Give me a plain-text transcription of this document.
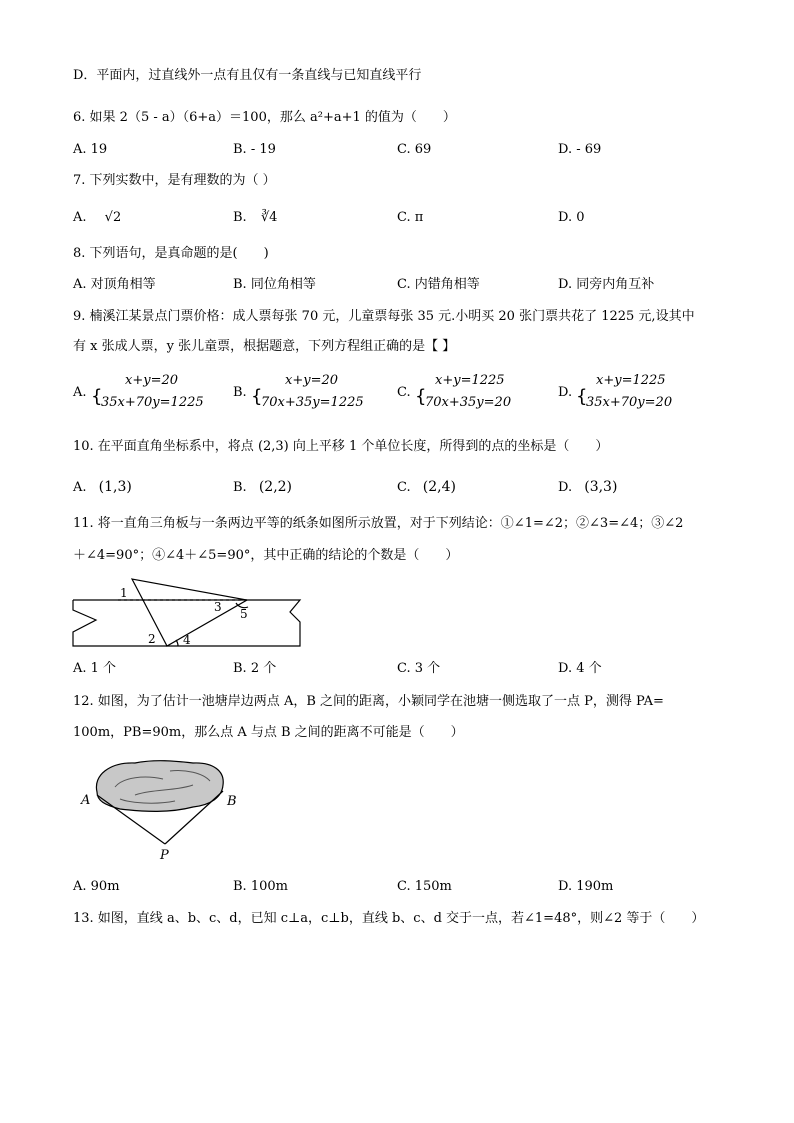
D．平面内，过直线外一点有且仅有一条直线与已知直线平行
6. 如果 2（5 - a）（6+a）＝100，那么 a²+a+1 的值为（　　）
A. 19	B. - 19	C. 69	D. - 69
7. 下列实数中，是有理数的为（ ）
A. √2	B. ∛4	C. π	D. 0
8. 下列语句，是真命题的是(　　)
A. 对顶角相等	B. 同位角相等	C. 内错角相等	D. 同旁内角互补
9. 楠溪江某景点门票价格：成人票每张 70 元，儿童票每张 35 元.小明买 20 张门票共花了 1225 元,设其中
有 x 张成人票，y 张儿童票，根据题意，下列方程组正确的是【 】
A. {
x+y=20
35x+70y=1225
B. {
x+y=20
70x+35y=1225
C. {
x+y=1225
70x+35y=20
D. {
x+y=1225
35x+70y=20
10. 在平面直角坐标系中，将点 (2,3) 向上平移 1 个单位长度，所得到的点的坐标是（　　）
A. (1,3)	B. (2,2)	C. (2,4)	D. (3,3)
11. 将一直角三角板与一条两边平等的纸条如图所示放置，对于下列结论：①∠1=∠2；②∠3=∠4；③∠2
＋∠4=90°；④∠4＋∠5=90°，其中正确的结论的个数是（　　）
1
2
3
4
5
A. 1 个	B. 2 个	C. 3 个	D. 4 个
12. 如图，为了估计一池塘岸边两点 A，B 之间的距离，小颖同学在池塘一侧选取了一点 P，测得 PA=
100m，PB=90m，那么点 A 与点 B 之间的距离不可能是（　　）
A	B
P
A. 90m	B. 100m	C. 150m	D. 190m
13. 如图，直线 a、b、c、d，已知 c⊥a，c⊥b，直线 b、c、d 交于一点，若∠1=48°，则∠2 等于（　　）
